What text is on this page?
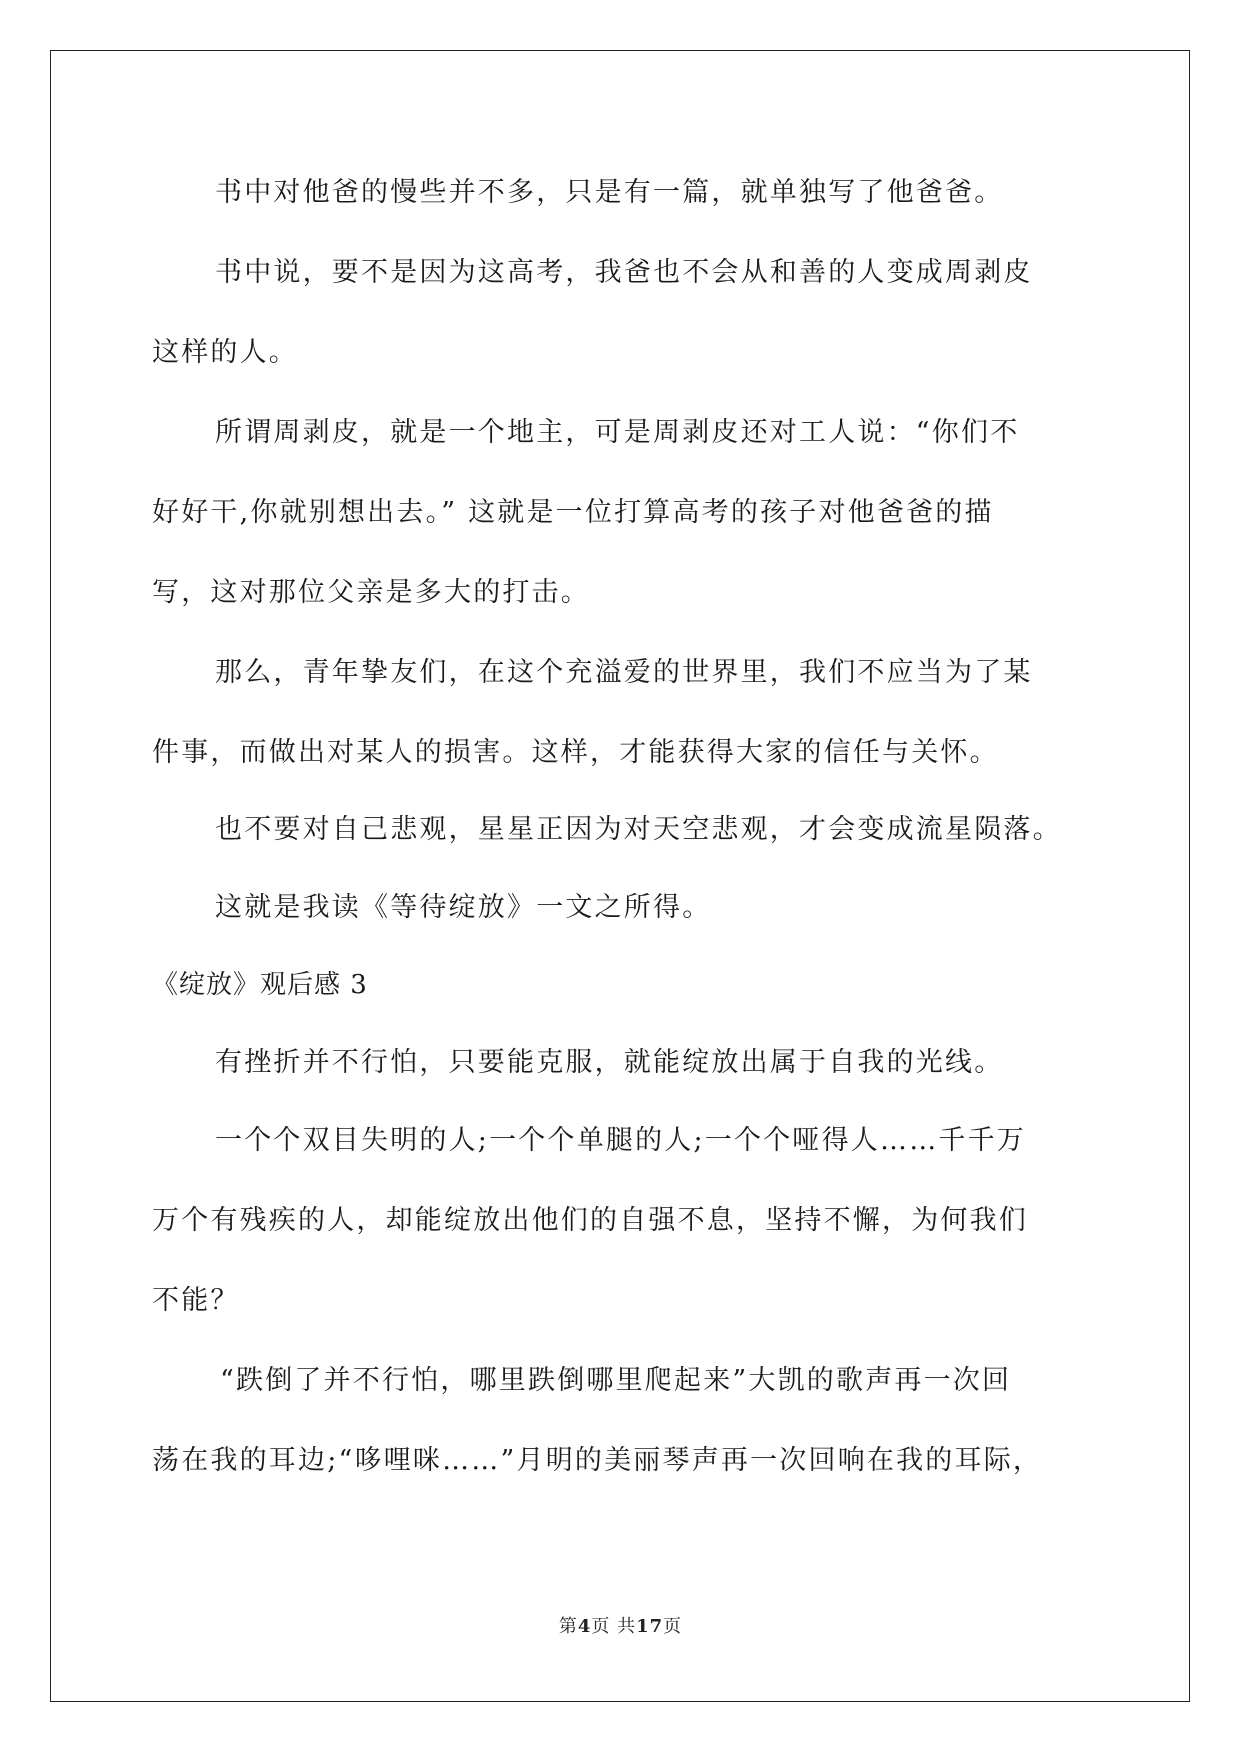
书中对他爸的慢些并不多，只是有一篇，就单独写了他爸爸。
书中说，要不是因为这高考，我爸也不会从和善的人变成周剥皮
这样的人。
所谓周剥皮，就是一个地主，可是周剥皮还对工人说：“你们不
好好干,你就别想出去。” 这就是一位打算高考的孩子对他爸爸的描
写，这对那位父亲是多大的打击。
那么，青年挚友们，在这个充溢爱的世界里，我们不应当为了某
件事，而做出对某人的损害。这样，才能获得大家的信任与关怀。
也不要对自己悲观，星星正因为对天空悲观，才会变成流星陨落。
这就是我读《等待绽放》一文之所得。
《绽放》观后感 3
有挫折并不行怕，只要能克服，就能绽放出属于自我的光线。
一个个双目失明的人;一个个单腿的人;一个个哑得人……千千万
万个有残疾的人，却能绽放出他们的自强不息，坚持不懈，为何我们
不能？
“跌倒了并不行怕，哪里跌倒哪里爬起来”大凯的歌声再一次回
荡在我的耳边;“哆哩咪……”月明的美丽琴声再一次回响在我的耳际，
第4页 共17页
